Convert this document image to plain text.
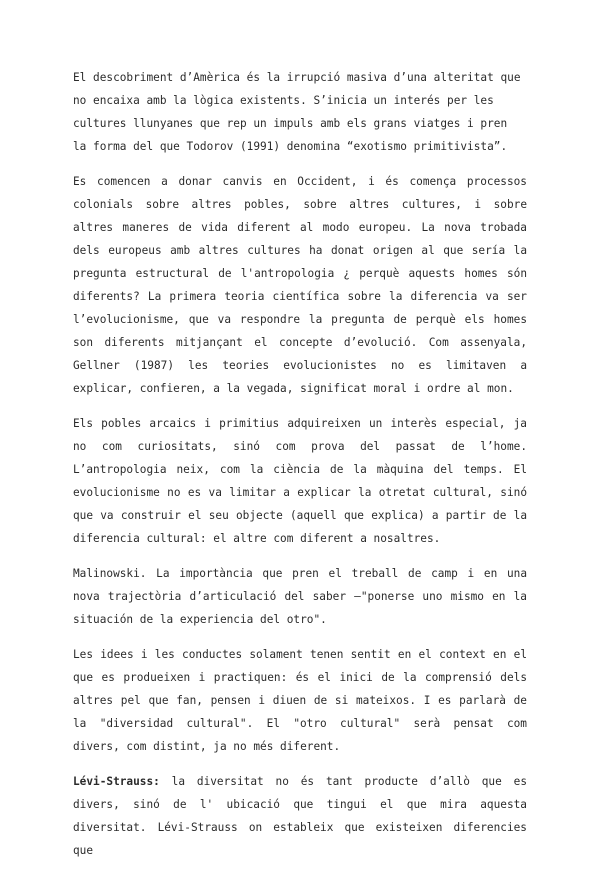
El descobriment d’Amèrica és la irrupció masiva d’una alteritat que no encaixa amb la lògica existents. S’inicia un interés per les cultures llunyanes que rep un impuls amb els grans viatges i pren la forma del que Todorov (1991) denomina “exotismo primitivista”.

Es comencen a donar canvis en Occident, i és comença processos colonials sobre altres pobles, sobre altres cultures, i sobre altres maneres de vida diferent al modo europeu. La nova trobada dels europeus amb altres cultures ha donat origen al que sería la pregunta estructural de l'antropologia ¿ perquè aquests homes són diferents? La primera teoria científica sobre la diferencia va ser l’evolucionisme, que va respondre la pregunta de perquè els homes son diferents mitjançant el concepte d’evolució. Com assenyala, Gellner (1987) les teories evolucionistes no es limitaven a explicar, confieren, a la vegada, significat moral i ordre al mon.

Els pobles arcaics i primitius adquireixen un interès especial, ja no com curiositats, sinó com prova del passat de l’home. L’antropologia neix, com la ciència de la màquina del temps. El evolucionisme no es va limitar a explicar la otretat cultural, sinó que va construir el seu objecte (aquell que explica) a partir de la diferencia cultural: el altre com diferent a nosaltres.

Malinowski. La importància que pren el treball de camp i en una nova trajectòria d’articulació del saber –"ponerse uno mismo en la situación de la experiencia del otro".

Les idees i les conductes solament tenen sentit en el context en el que es produeixen i practiquen: és el inici de la comprensió dels altres pel que fan, pensen i diuen de si mateixos. I es parlarà de la "diversidad cultural". El "otro cultural" serà pensat com divers, com distint, ja no més diferent.

Lévi-Strauss: la diversitat no és tant producte d’allò que es divers, sinó de l' ubicació que tingui el que mira aquesta diversitat. Lévi-Strauss on estableix que existeixen diferencies que
